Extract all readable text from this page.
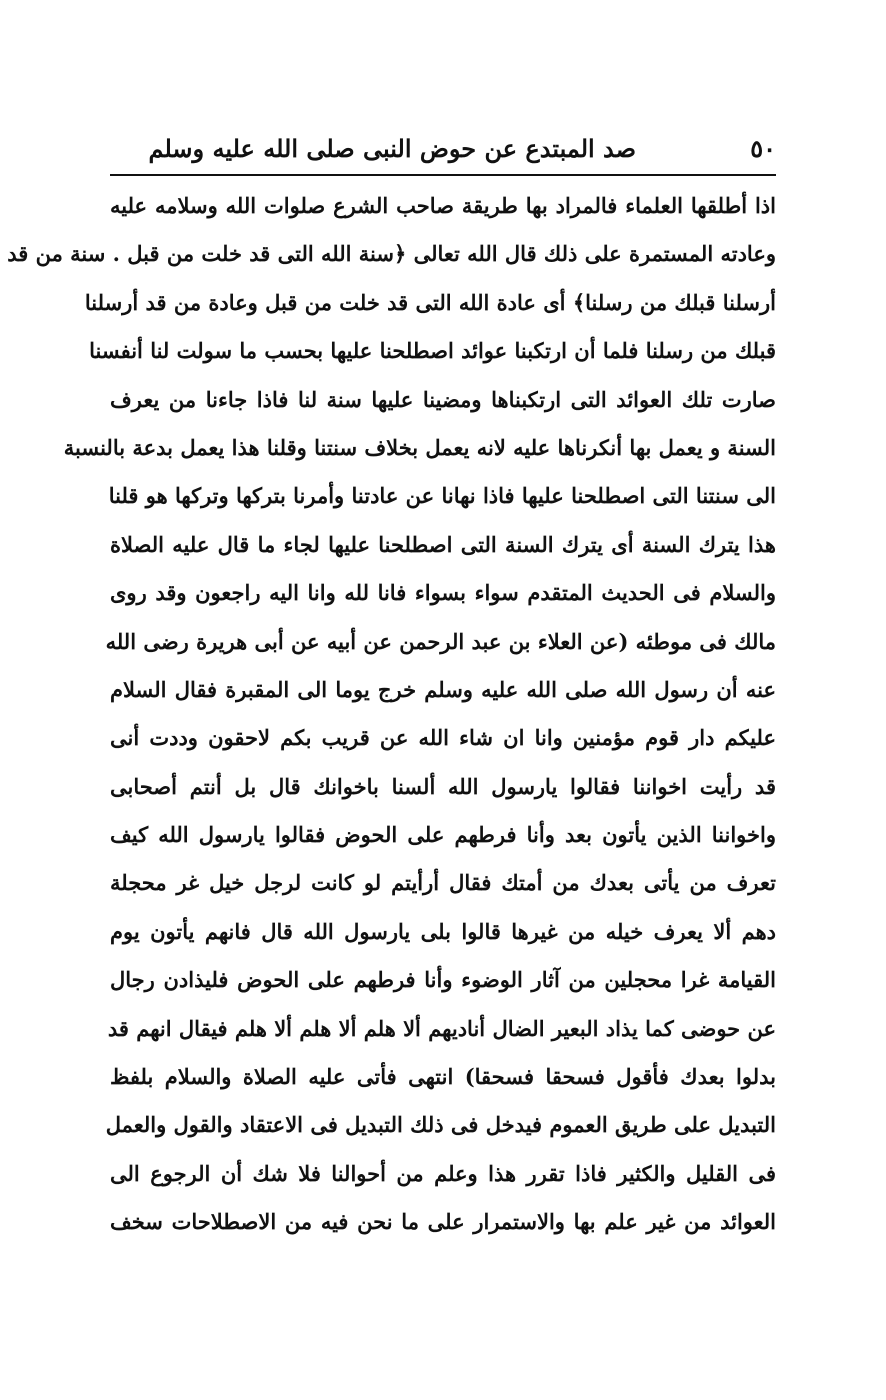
٥٠
صد المبتدع عن حوض النبى صلى الله عليه وسلم
اذا أطلقها العلماء فالمراد بها طريقة صاحب الشرع صلوات الله وسلامه عليه
وعادته المستمرة على ذلك قال الله تعالى ﴿سنة الله التى قد خلت من قبل . سنة من قد
أرسلنا قبلك من رسلنا﴾ أى عادة الله التى قد خلت من قبل وعادة من قد أرسلنا
قبلك من رسلنا فلما أن ارتكبنا عوائد اصطلحنا عليها بحسب ما سولت لنا أنفسنا
صارت تلك العوائد التى ارتكبناها ومضينا عليها سنة لنا فاذا جاءنا من يعرف
السنة و يعمل بها أنكرناها عليه لانه يعمل بخلاف سنتنا وقلنا هذا يعمل بدعة بالنسبة
الى سنتنا التى اصطلحنا عليها فاذا نهانا عن عادتنا وأمرنا بتركها وتركها هو قلنا
هذا يترك السنة أى يترك السنة التى اصطلحنا عليها لجاء ما قال عليه الصلاة
والسلام فى الحديث المتقدم سواء بسواء فانا لله وانا اليه راجعون وقد روى
مالك فى موطئه (عن العلاء بن عبد الرحمن عن أبيه عن أبى هريرة رضى الله
عنه أن رسول الله صلى الله عليه وسلم خرج يوما الى المقبرة فقال السلام
عليكم دار قوم مؤمنين وانا ان شاء الله عن قريب بكم لاحقون وددت أنى
قد رأيت اخواننا فقالوا يارسول الله ألسنا باخوانك قال بل أنتم أصحابى
واخواننا الذين يأتون بعد وأنا فرطهم على الحوض فقالوا يارسول الله كيف
تعرف من يأتى بعدك من أمتك فقال أرأيتم لو كانت لرجل خيل غر محجلة
دهم ألا يعرف خيله من غيرها قالوا بلى يارسول الله قال فانهم يأتون يوم
القيامة غرا محجلين من آثار الوضوء وأنا فرطهم على الحوض فليذادن رجال
عن حوضى كما يذاد البعير الضال أناديهم ألا هلم ألا هلم ألا هلم فيقال انهم قد
بدلوا بعدك فأقول فسحقا فسحقا) انتهى فأتى عليه الصلاة والسلام بلفظ
التبديل على طريق العموم فيدخل فى ذلك التبديل فى الاعتقاد والقول والعمل
فى القليل والكثير فاذا تقرر هذا وعلم من أحوالنا فلا شك أن الرجوع الى
العوائد من غير علم بها والاستمرار على ما نحن فيه من الاصطلاحات سخف
